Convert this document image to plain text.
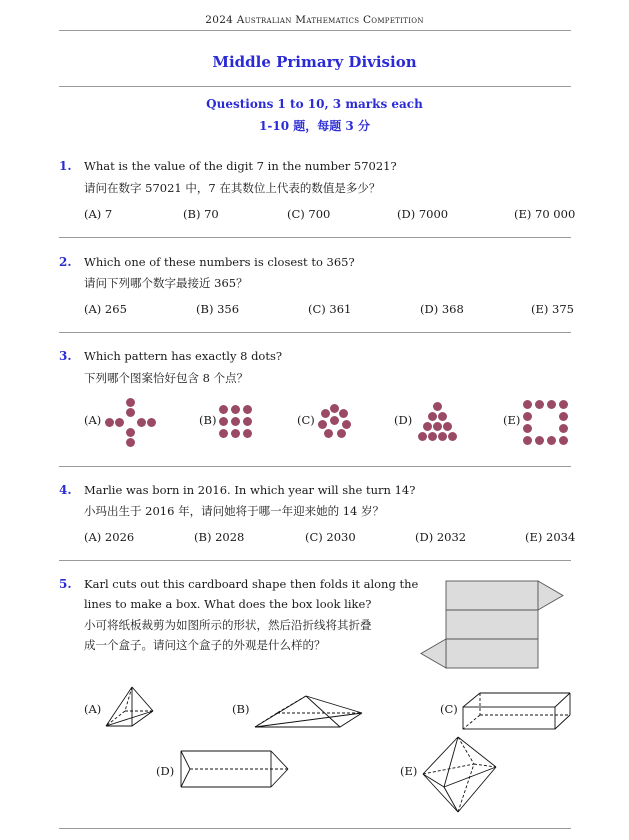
2024 Australian Mathematics Competition
Middle Primary Division
Questions 1 to 10, 3 marks each
1-10 题，每题 3 分
1. What is the value of the digit 7 in the number 57021?
请问在数字 57021 中，7 在其数位上代表的数值是多少？
(A) 7	(B) 70	(C) 700	(D) 7000	(E) 70 000
2. Which one of these numbers is closest to 365?
请问下列哪个数字最接近 365？
(A) 265	(B) 356	(C) 361	(D) 368	(E) 375
3. Which pattern has exactly 8 dots?
下列哪个图案恰好包含 8 个点？
(A)	(B)	(C)	(D)	(E)
4. Marlie was born in 2016. In which year will she turn 14?
小玛出生于 2016 年，请问她将于哪一年迎来她的 14 岁？
(A) 2026	(B) 2028	(C) 2030	(D) 2032	(E) 2034
5. Karl cuts out this cardboard shape then folds it along the
lines to make a box. What does the box look like?
小可将纸板裁剪为如图所示的形状，然后沿折线将其折叠
成一个盒子。请问这个盒子的外观是什么样的？
(A)	(B)	(C)
(D)	(E)
